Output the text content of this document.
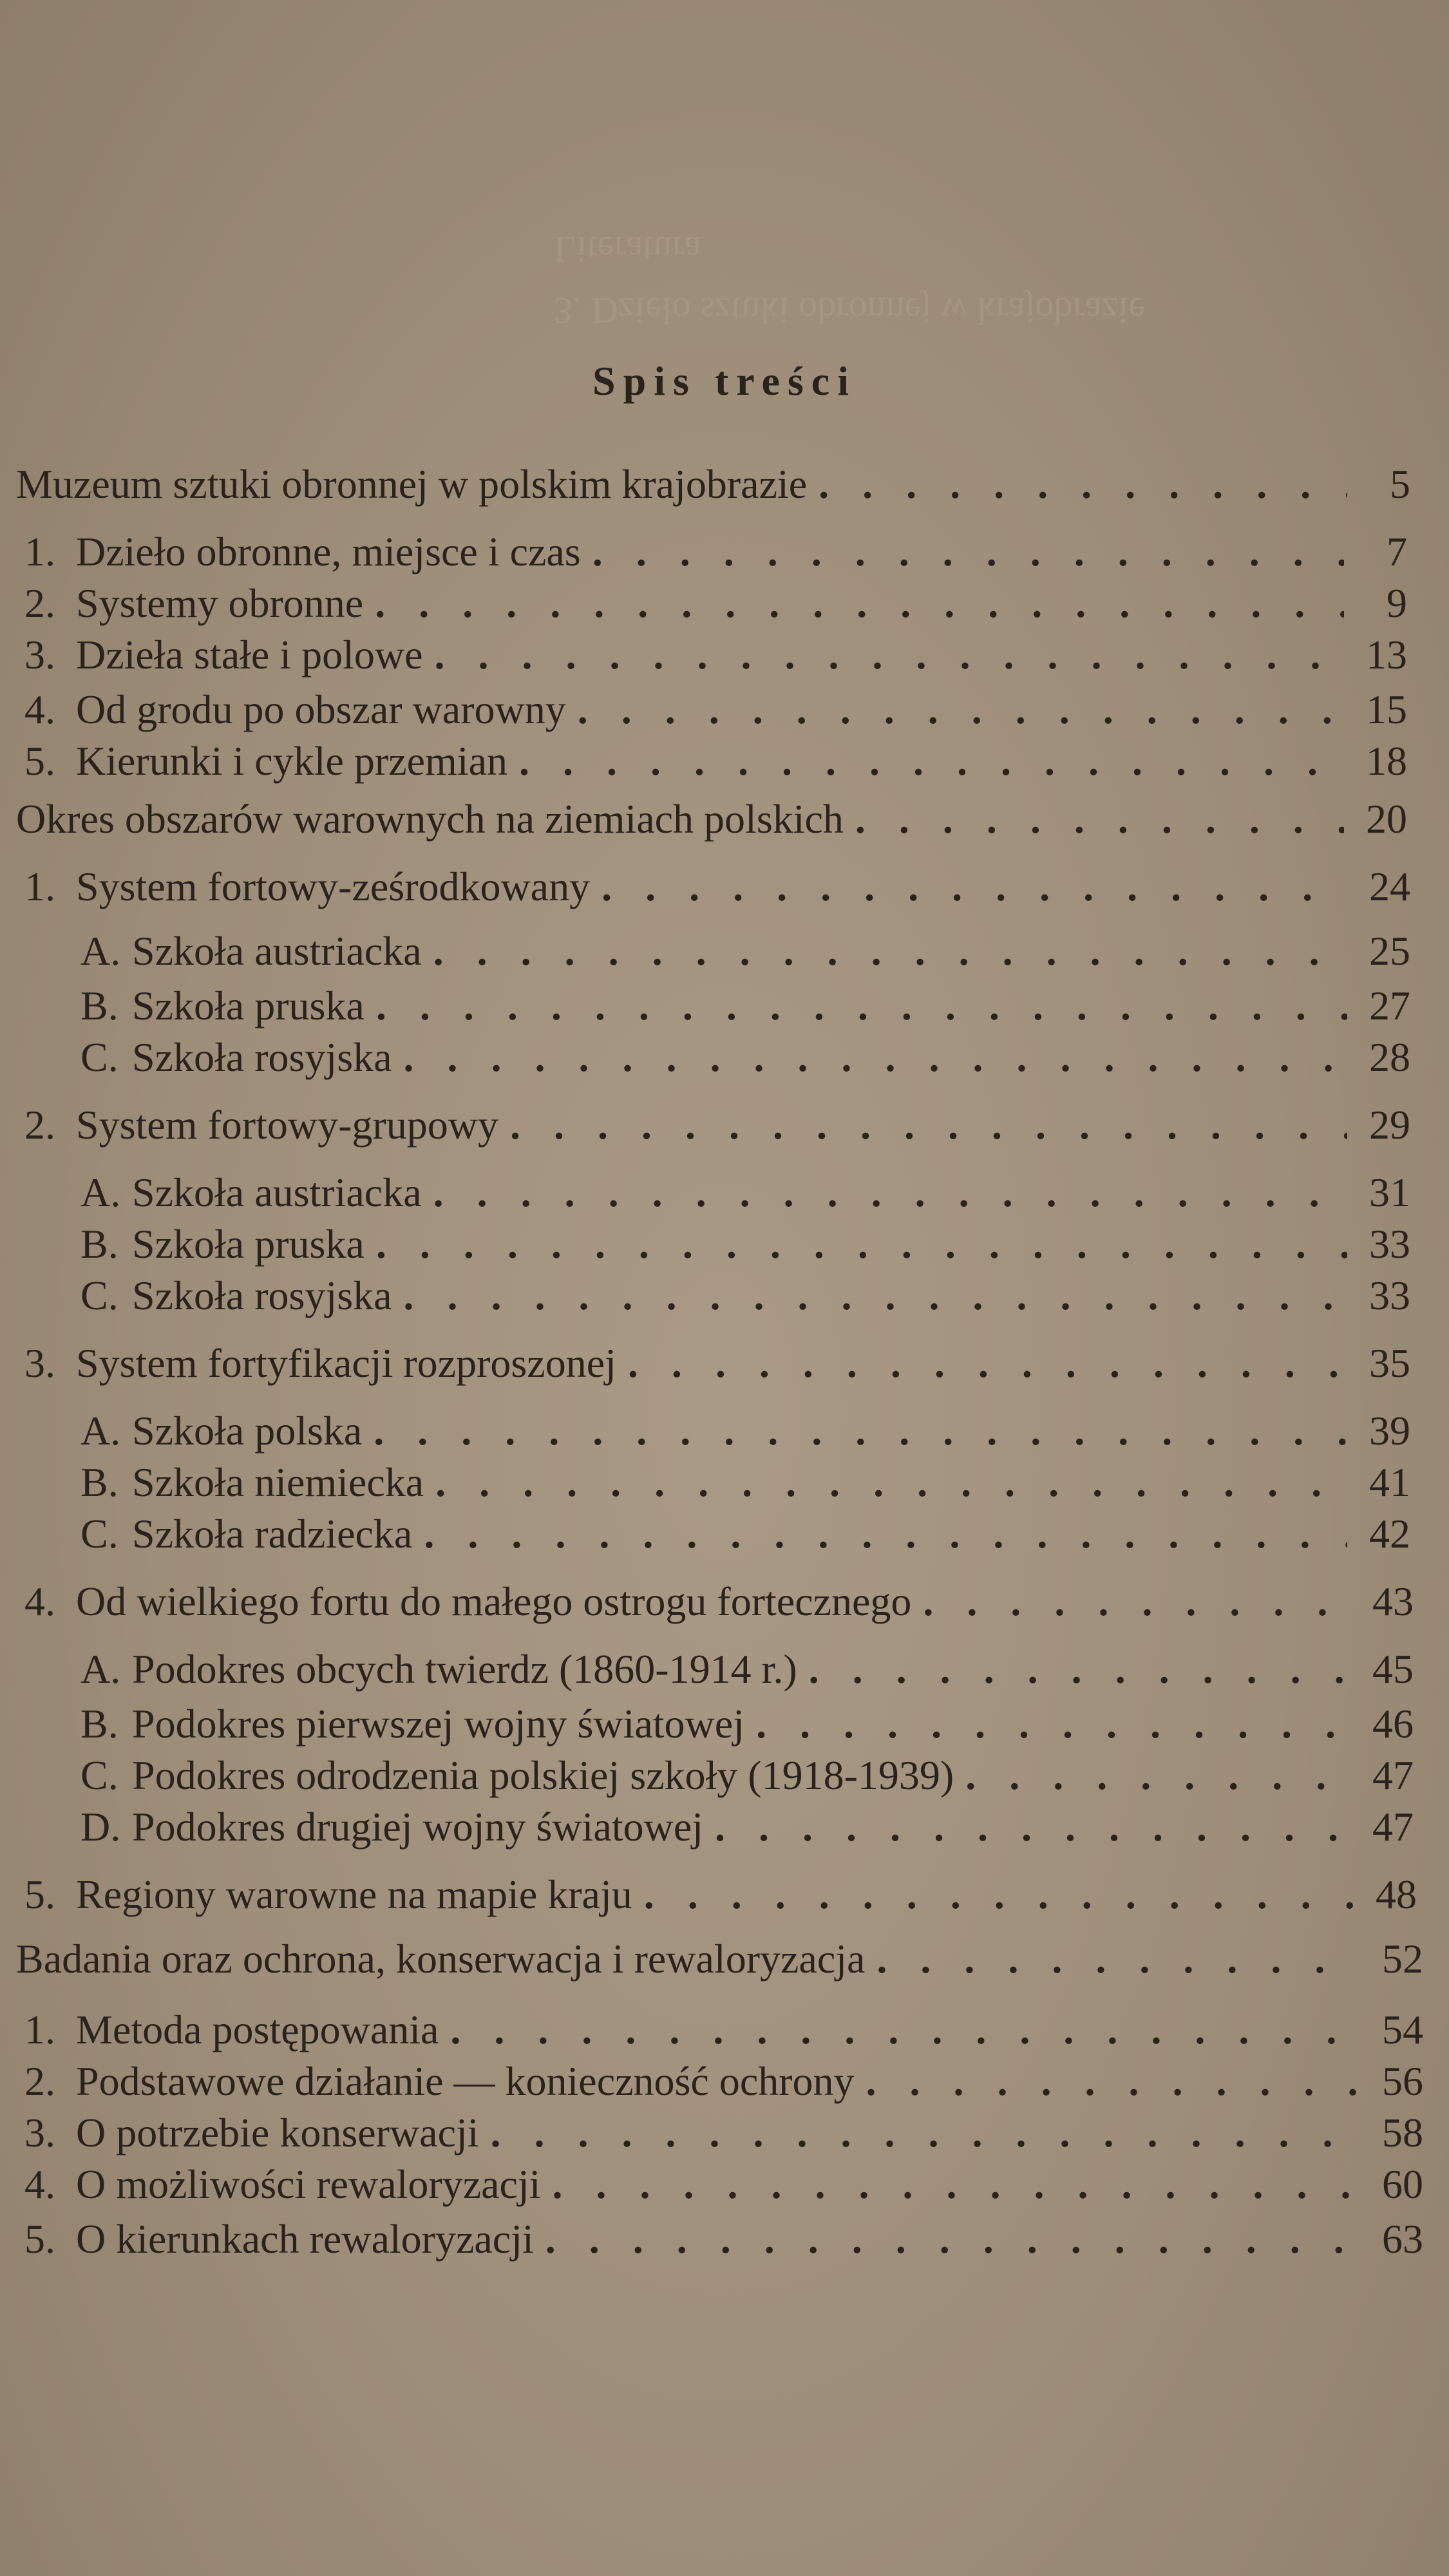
3. Dzieło sztuki obronnej w krajobrazie
Literatura
Spis treści
Muzeum sztuki obronnej w polskim krajobrazie . . .	5
1. Dzieło obronne, miejsce i czas . . .	7
2. Systemy obronne . . .	9
3. Dzieła stałe i polowe . . .	13
4. Od grodu po obszar warowny . . .	15
5. Kierunki i cykle przemian . . .	18
Okres obszarów warownych na ziemiach polskich . . .	20
1. System fortowy-ześrodkowany . . .	24
A. Szkoła austriacka . . .	25
B. Szkoła pruska . . .	27
C. Szkoła rosyjska . . .	28
2. System fortowy-grupowy . . .	29
A. Szkoła austriacka . . .	31
B. Szkoła pruska . . .	33
C. Szkoła rosyjska . . .	33
3. System fortyfikacji rozproszonej . . .	35
A. Szkoła polska . . .	39
B. Szkoła niemiecka . . .	41
C. Szkoła radziecka . . .	42
4. Od wielkiego fortu do małego ostrogu fortecznego . . .	43
A. Podokres obcych twierdz (1860-1914 r.) . . .	45
B. Podokres pierwszej wojny światowej . . .	46
C. Podokres odrodzenia polskiej szkoły (1918-1939) . . .	47
D. Podokres drugiej wojny światowej . . .	47
5. Regiony warowne na mapie kraju . . .	48
Badania oraz ochrona, konserwacja i rewaloryzacja . . .	52
1. Metoda postępowania . . .	54
2. Podstawowe działanie — konieczność ochrony . . .	56
3. O potrzebie konserwacji . . .	58
4. O możliwości rewaloryzacji . . .	60
5. O kierunkach rewaloryzacji . . .	63
